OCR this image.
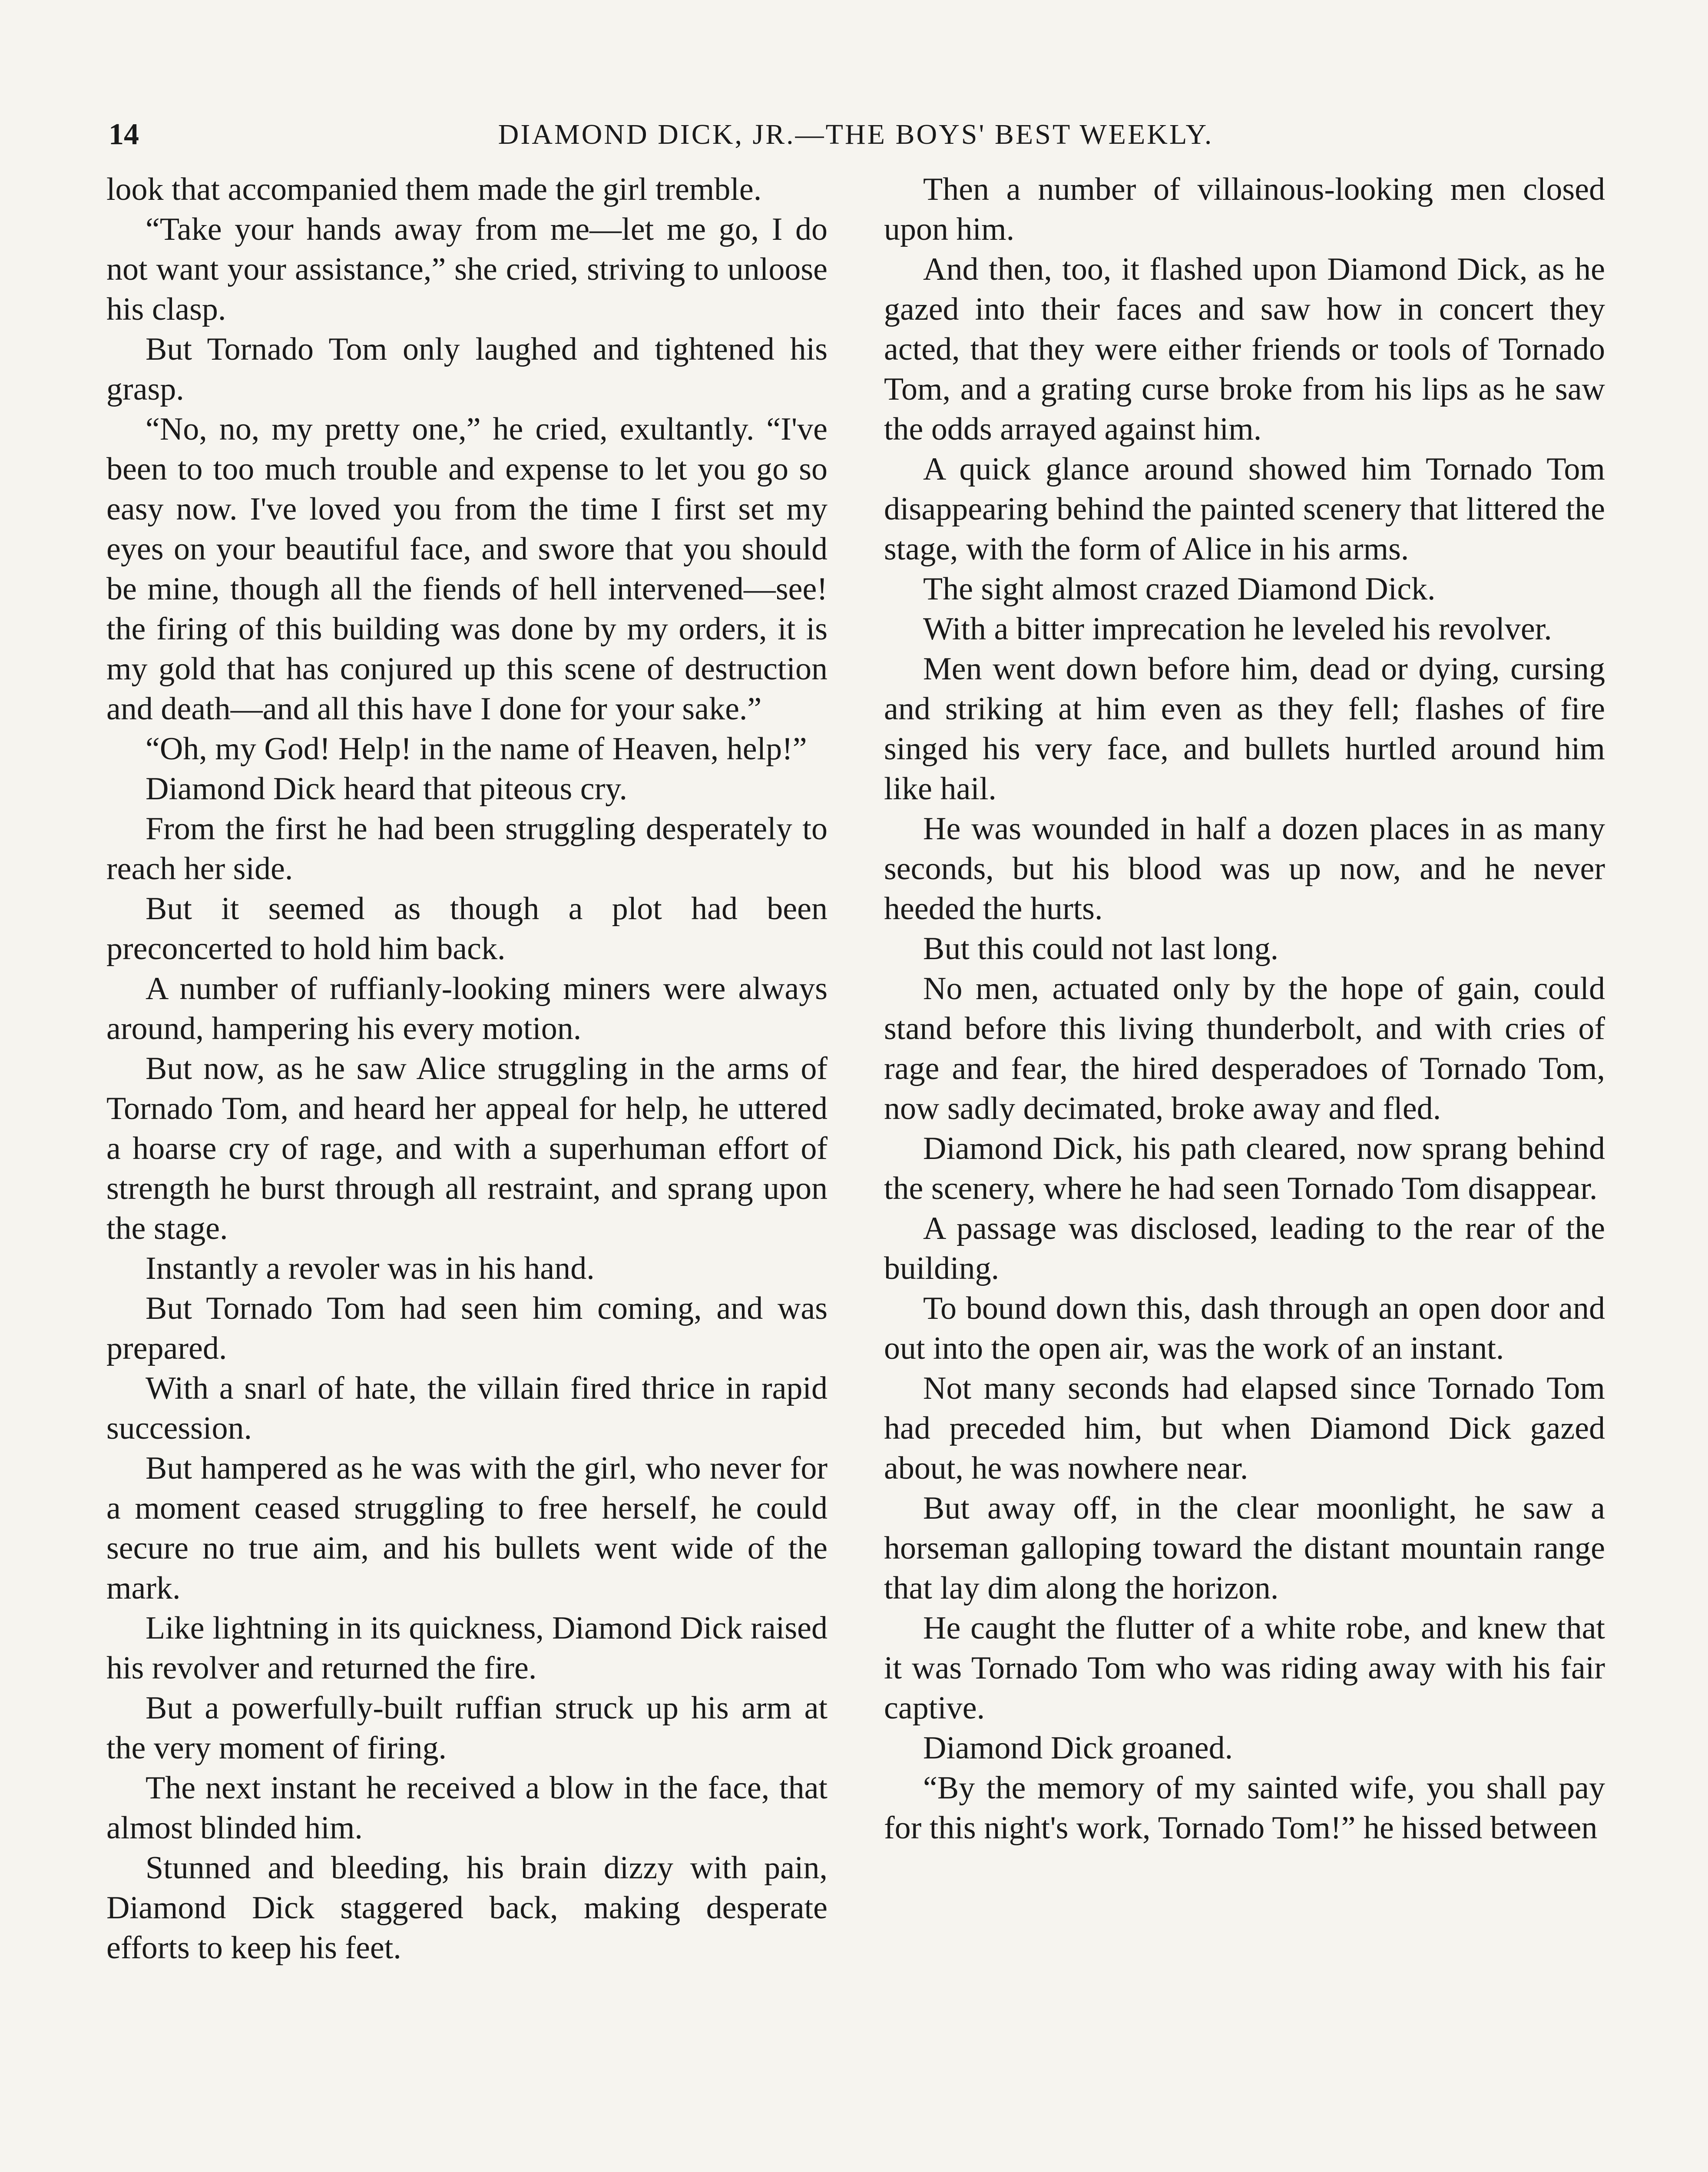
14	DIAMOND DICK, JR.—THE BOYS' BEST WEEKLY.

look that accompanied them made the girl tremble.

“Take your hands away from me—let me go, I do not want your assistance,” she cried, striving to unloose his clasp.

But Tornado Tom only laughed and tightened his grasp.

“No, no, my pretty one,” he cried, exultantly. “I've been to too much trouble and expense to let you go so easy now. I've loved you from the time I first set my eyes on your beautiful face, and swore that you should be mine, though all the fiends of hell intervened—see! the firing of this building was done by my orders, it is my gold that has conjured up this scene of destruction and death—and all this have I done for your sake.”

“Oh, my God! Help! in the name of Heaven, help!”

Diamond Dick heard that piteous cry.

From the first he had been struggling desperately to reach her side.

But it seemed as though a plot had been preconcerted to hold him back.

A number of ruffianly-looking miners were always around, hampering his every motion.

But now, as he saw Alice struggling in the arms of Tornado Tom, and heard her appeal for help, he uttered a hoarse cry of rage, and with a superhuman effort of strength he burst through all restraint, and sprang upon the stage.

Instantly a revoler was in his hand.

But Tornado Tom had seen him coming, and was prepared.

With a snarl of hate, the villain fired thrice in rapid succession.

But hampered as he was with the girl, who never for a moment ceased struggling to free herself, he could secure no true aim, and his bullets went wide of the mark.

Like lightning in its quickness, Diamond Dick raised his revolver and returned the fire.

But a powerfully-built ruffian struck up his arm at the very moment of firing.

The next instant he received a blow in the face, that almost blinded him.

Stunned and bleeding, his brain dizzy with pain, Diamond Dick staggered back, making desperate efforts to keep his feet.

Then a number of villainous-looking men closed upon him.

And then, too, it flashed upon Diamond Dick, as he gazed into their faces and saw how in concert they acted, that they were either friends or tools of Tornado Tom, and a grating curse broke from his lips as he saw the odds arrayed against him.

A quick glance around showed him Tornado Tom disappearing behind the painted scenery that littered the stage, with the form of Alice in his arms.

The sight almost crazed Diamond Dick.

With a bitter imprecation he leveled his revolver.

Men went down before him, dead or dying, cursing and striking at him even as they fell; flashes of fire singed his very face, and bullets hurtled around him like hail.

He was wounded in half a dozen places in as many seconds, but his blood was up now, and he never heeded the hurts.

But this could not last long.

No men, actuated only by the hope of gain, could stand before this living thunderbolt, and with cries of rage and fear, the hired desperadoes of Tornado Tom, now sadly decimated, broke away and fled.

Diamond Dick, his path cleared, now sprang behind the scenery, where he had seen Tornado Tom disappear.

A passage was disclosed, leading to the rear of the building.

To bound down this, dash through an open door and out into the open air, was the work of an instant.

Not many seconds had elapsed since Tornado Tom had preceded him, but when Diamond Dick gazed about, he was nowhere near.

But away off, in the clear moonlight, he saw a horseman galloping toward the distant mountain range that lay dim along the horizon.

He caught the flutter of a white robe, and knew that it was Tornado Tom who was riding away with his fair captive.

Diamond Dick groaned.

“By the memory of my sainted wife, you shall pay for this night's work, Tornado Tom!” he hissed between
